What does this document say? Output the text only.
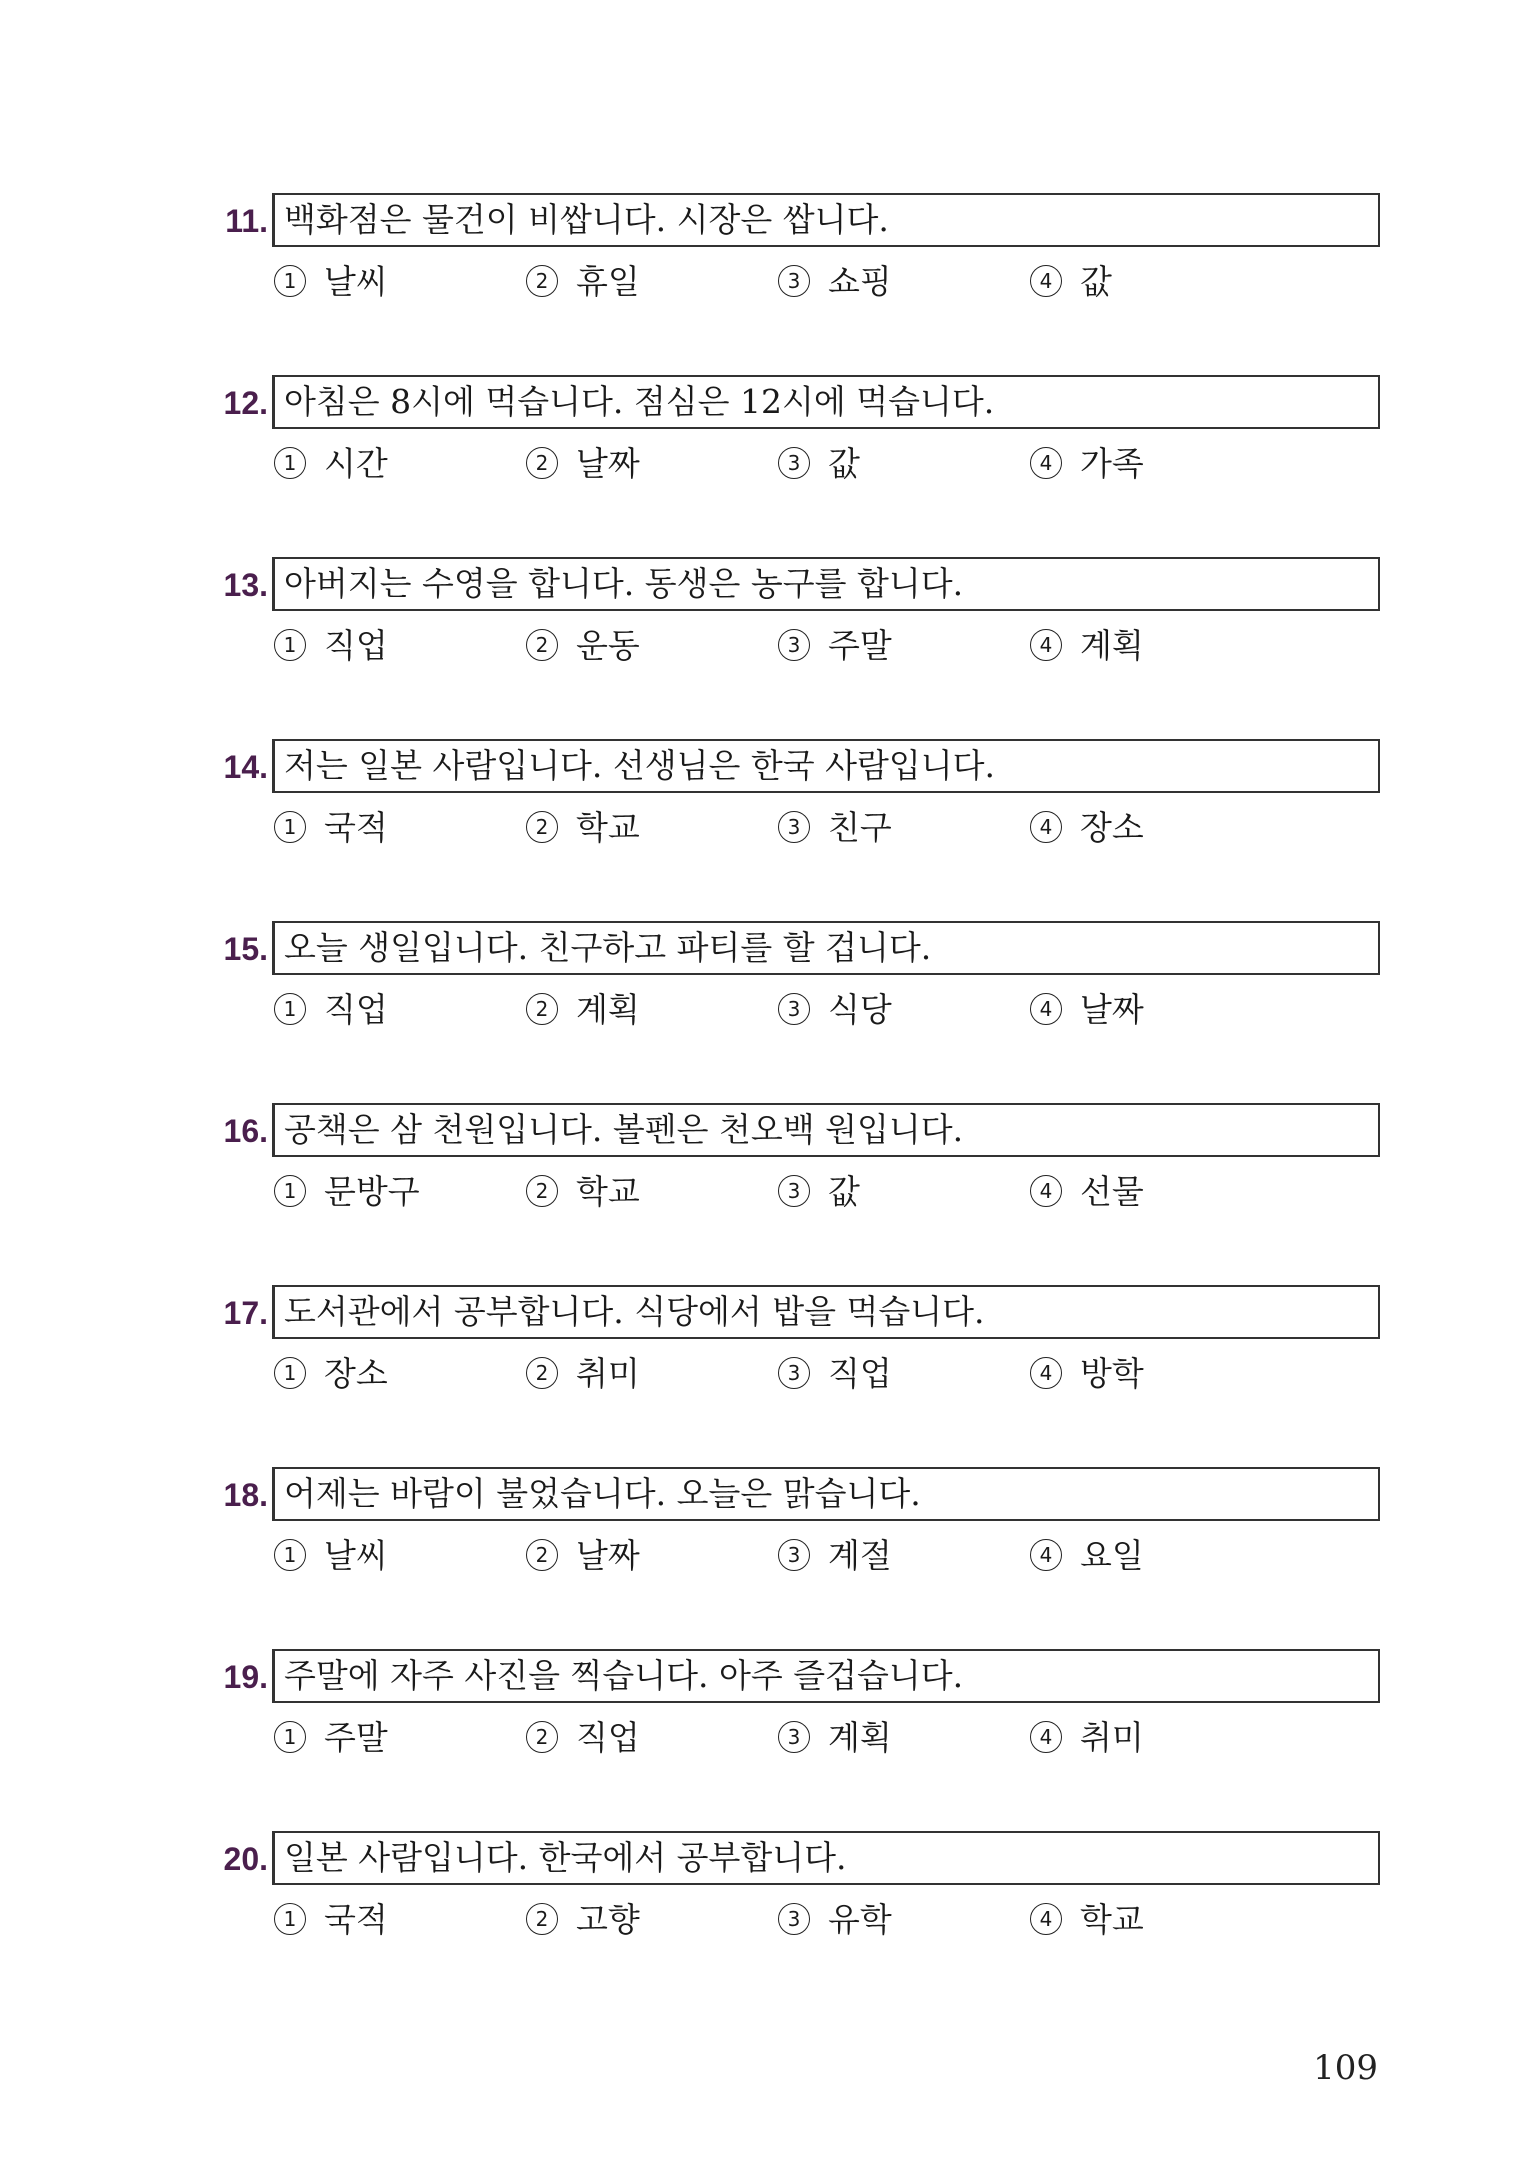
11. 백화점은 물건이 비쌉니다. 시장은 쌉니다.
1 날씨	2 휴일	3 쇼핑	4 값
12. 아침은 8시에 먹습니다. 점심은 12시에 먹습니다.
1 시간	2 날짜	3 값	4 가족
13. 아버지는 수영을 합니다. 동생은 농구를 합니다.
1 직업	2 운동	3 주말	4 계획
14. 저는 일본 사람입니다. 선생님은 한국 사람입니다.
1 국적	2 학교	3 친구	4 장소
15. 오늘 생일입니다. 친구하고 파티를 할 겁니다.
1 직업	2 계획	3 식당	4 날짜
16. 공책은 삼 천원입니다. 볼펜은 천오백 원입니다.
1 문방구	2 학교	3 값	4 선물
17. 도서관에서 공부합니다. 식당에서 밥을 먹습니다.
1 장소	2 취미	3 직업	4 방학
18. 어제는 바람이 불었습니다. 오늘은 맑습니다.
1 날씨	2 날짜	3 계절	4 요일
19. 주말에 자주 사진을 찍습니다. 아주 즐겁습니다.
1 주말	2 직업	3 계획	4 취미
20. 일본 사람입니다. 한국에서 공부합니다.
1 국적	2 고향	3 유학	4 학교
109
